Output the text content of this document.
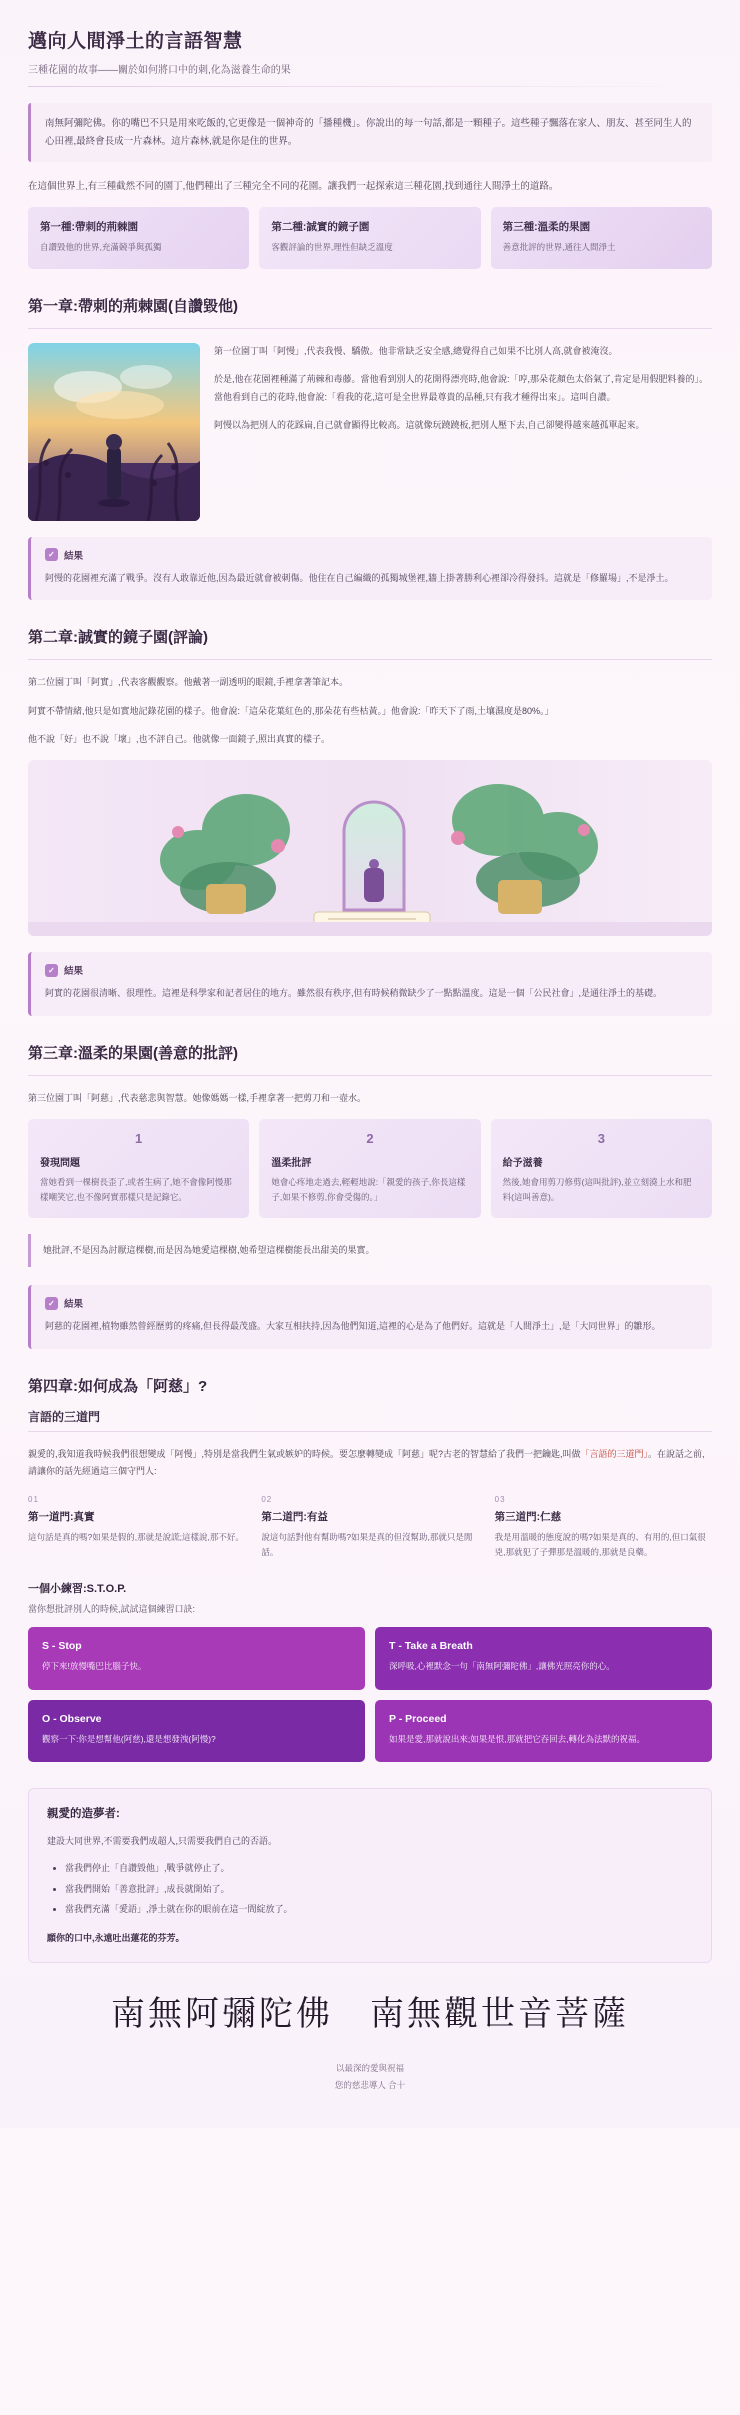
邁向人間淨土的言語智慧
三種花園的故事——關於如何將口中的刺,化為滋養生命的果
南無阿彌陀佛。你的嘴巴不只是用來吃飯的,它更像是一個神奇的「播種機」。你說出的每一句話,都是一顆種子。這些種子飄落在家人、朋友、甚至同生人的心田裡,最終會長成一片森林。這片森林,就是你是住的世界。
在這個世界上,有三種截然不同的園丁,他們種出了三種完全不同的花園。讓我們一起探索這三種花園,找到通往人間淨土的道路。
第一種:帶刺的荊棘園
自讚毀他的世界,充滿競爭與孤獨
第二種:誠實的鏡子園
客觀評論的世界,理性但缺乏溫度
第三種:溫柔的果園
善意批評的世界,通往人間淨土
第一章:帶刺的荊棘園(自讚毀他)

第一位園丁叫「阿慢」,代表我慢、驕傲。他非常缺乏安全感,總覺得自己如果不比別人高,就會被淹沒。

於是,他在花園裡種滿了荊棘和毒藤。當他看到別人的花開得漂亮時,他會說:「哼,那朵花顏色太俗氣了,肯定是用假肥料養的」。當他看到自己的花時,他會說:「看我的花,這可是全世界最尊貴的品種,只有我才種得出來」。這叫自讚。

阿慢以為把別人的花踩扁,自己就會顯得比較高。這就像玩蹺蹺板,把別人壓下去,自己卻變得越來越孤單起來。

✓ 結果
阿慢的花園裡充滿了戰爭。沒有人敢靠近他,因為最近就會被刺傷。他住在自己編織的孤獨城堡裡,牆上掛著勝利心裡卻冷得發抖。這就是「修羅場」,不是淨土。
第二章:誠實的鏡子園(評論)

第二位園丁叫「阿實」,代表客觀觀察。他戴著一副透明的眼鏡,手裡拿著筆記本。

阿實不帶情緒,他只是如實地記錄花園的樣子。他會說:「這朵花葉紅色的,那朵花有些枯黃。」他會說:「昨天下了雨,土壤濕度是80%。」

他不說「好」也不說「壞」,也不評自己。他就像一面鏡子,照出真實的樣子。

✓ 結果
阿實的花園很清晰、很理性。這裡是科學家和記者居住的地方。雖然很有秩序,但有時候稍微缺少了一點點溫度。這是一個「公民社會」,是通往淨土的基礎。
第三章:溫柔的果園(善意的批評)

第三位園丁叫「阿慈」,代表慈悲與智慧。她像媽媽一樣,手裡拿著一把剪刀和一壺水。

1
發現問題
當她看到一棵樹長歪了,或者生病了,她不會像阿慢那樣嘲笑它,也不像阿實那樣只是記錄它。
2
溫柔批評
她會心疼地走過去,輕輕地說:「親愛的孩子,你長這樣子,如果不修剪,你會受傷的。」
3
給予滋養
然後,她會用剪刀修剪(這叫批評),並立刻澆上水和肥料(這叫善意)。
她批評,不是因為討厭這棵樹,而是因為她愛這棵樹,她希望這棵樹能長出甜美的果實。
✓ 結果
阿慈的花園裡,植物雖然曾經歷剪的疼痛,但長得最茂盛。大家互相扶持,因為他們知道,這裡的心是為了他們好。這就是「人間淨土」,是「大同世界」的雛形。
第四章:如何成為「阿慈」?
言語的三道門

親愛的,我知道我時候我們很想變成「阿慢」,特別是當我們生氣或嫉妒的時候。要怎麼轉變成「阿慈」呢?古老的智慧給了我們一把鑰匙,叫做「言語的三道門」。在說話之前,請讓你的話先經過這三個守門人:

01
第一道門:真實
這句話是真的嗎?如果是假的,那就是說謊;這樣說,那不好。
02
第二道門:有益
說這句話對他有幫助嗎?如果是真的但沒幫助,那就只是閒話。
03
第三道門:仁慈
我是用溫暖的態度說的嗎?如果是真的、有用的,但口氣很兇,那就犯了子彈那是溫暖的,那就是良藥。
一個小練習:S.T.O.P.
當你想批評別人的時候,試試這個練習口訣:
S - Stop
停下來!放慢嘴巴比腦子快。
T - Take a Breath
深呼吸,心裡默念一句「南無阿彌陀佛」,讓佛光照亮你的心。
O - Observe
觀察一下:你是想幫他(阿慈),還是想發洩(阿慢)?
P - Proceed
如果是愛,那就說出來;如果是恨,那就把它吞回去,轉化為法默的祝福。
親愛的造夢者:
建設大同世界,不需要我們成超人,只需要我們自己的否語。
• 當我們停止「自讚毀他」,戰爭就停止了。
• 當我們開始「善意批評」,成長就開始了。
• 當我們充滿「愛語」,淨土就在你的眼前在這一間綻放了。
願你的口中,永遠吐出蓮花的芬芳。
南無阿彌陀佛　南無觀世音菩薩
以最深的愛與祝福
您的慈悲導人 合十
